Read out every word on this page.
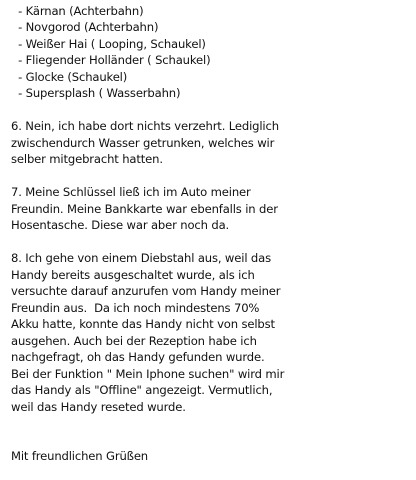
- Kärnan (Achterbahn)
- Novgorod (Achterbahn)
- Weißer Hai ( Looping, Schaukel)
- Fliegender Holländer ( Schaukel)
- Glocke (Schaukel)
- Supersplash ( Wasserbahn)
6. Nein, ich habe dort nichts verzehrt. Lediglich
zwischendurch Wasser getrunken, welches wir
selber mitgebracht hatten.
7. Meine Schlüssel ließ ich im Auto meiner
Freundin. Meine Bankkarte war ebenfalls in der
Hosentasche. Diese war aber noch da.
8. Ich gehe von einem Diebstahl aus, weil das
Handy bereits ausgeschaltet wurde, als ich
versuchte darauf anzurufen vom Handy meiner
Freundin aus.  Da ich noch mindestens 70%
Akku hatte, konnte das Handy nicht von selbst
ausgehen. Auch bei der Rezeption habe ich
nachgefragt, oh das Handy gefunden wurde.
Bei der Funktion " Mein Iphone suchen" wird mir
das Handy als "Offline" angezeigt. Vermutlich,
weil das Handy reseted wurde.
Mit freundlichen Grüßen
